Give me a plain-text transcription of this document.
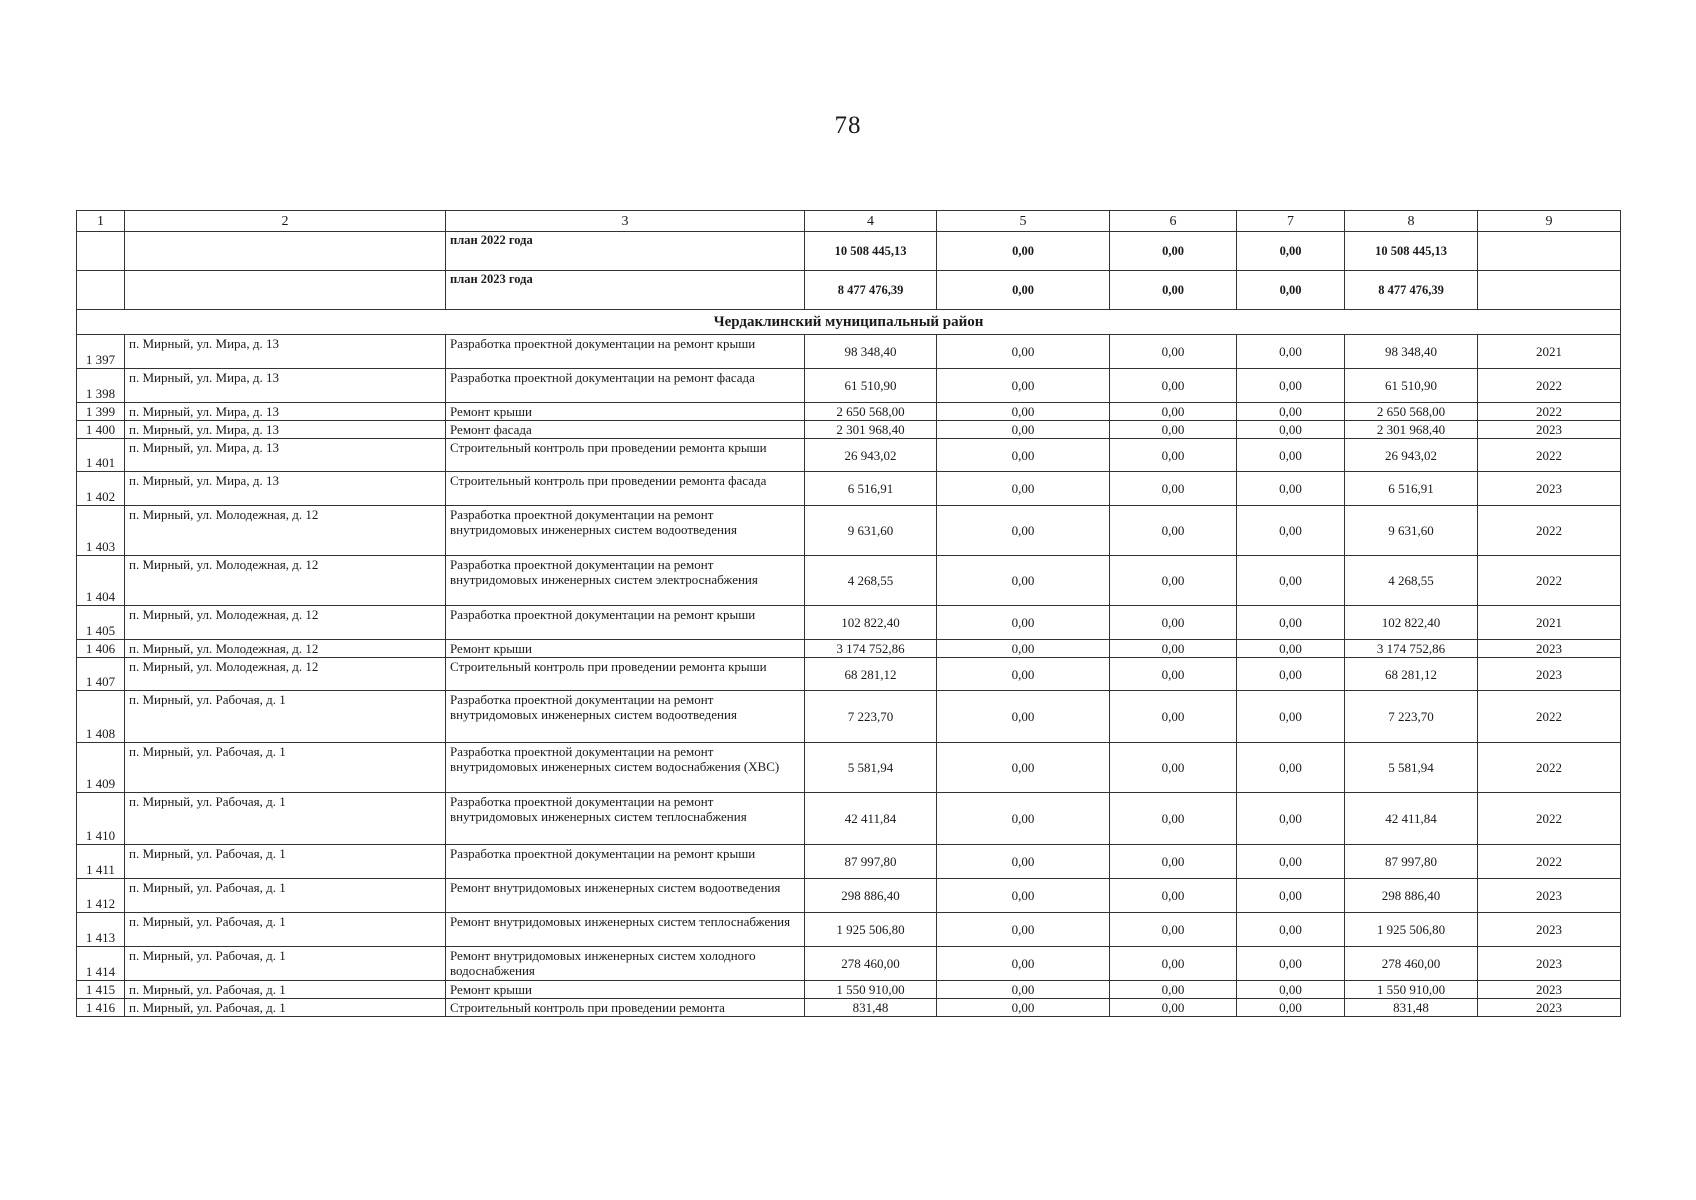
78
1	2	3	4	5	6	7	8	9
		план 2022 года	10 508 445,13	0,00	0,00	0,00	10 508 445,13	
		план 2023 года	8 477 476,39	0,00	0,00	0,00	8 477 476,39	
Чердаклинский муниципальный район								
1 397	п. Мирный, ул. Мира, д. 13	Разработка проектной документации на ремонт крыши	98 348,40	0,00	0,00	0,00	98 348,40	2021
1 398	п. Мирный, ул. Мира, д. 13	Разработка проектной документации на ремонт фасада	61 510,90	0,00	0,00	0,00	61 510,90	2022
1 399	п. Мирный, ул. Мира, д. 13	Ремонт крыши	2 650 568,00	0,00	0,00	0,00	2 650 568,00	2022
1 400	п. Мирный, ул. Мира, д. 13	Ремонт фасада	2 301 968,40	0,00	0,00	0,00	2 301 968,40	2023
1 401	п. Мирный, ул. Мира, д. 13	Строительный контроль при проведении ремонта крыши	26 943,02	0,00	0,00	0,00	26 943,02	2022
1 402	п. Мирный, ул. Мира, д. 13	Строительный контроль при проведении ремонта фасада	6 516,91	0,00	0,00	0,00	6 516,91	2023
1 403	п. Мирный, ул. Молодежная, д. 12	Разработка проектной документации на ремонт внутридомовых инженерных систем водоотведения	9 631,60	0,00	0,00	0,00	9 631,60	2022
1 404	п. Мирный, ул. Молодежная, д. 12	Разработка проектной документации на ремонт внутридомовых инженерных систем электроснабжения	4 268,55	0,00	0,00	0,00	4 268,55	2022
1 405	п. Мирный, ул. Молодежная, д. 12	Разработка проектной документации на ремонт крыши	102 822,40	0,00	0,00	0,00	102 822,40	2021
1 406	п. Мирный, ул. Молодежная, д. 12	Ремонт крыши	3 174 752,86	0,00	0,00	0,00	3 174 752,86	2023
1 407	п. Мирный, ул. Молодежная, д. 12	Строительный контроль при проведении ремонта крыши	68 281,12	0,00	0,00	0,00	68 281,12	2023
1 408	п. Мирный, ул. Рабочая, д. 1	Разработка проектной документации на ремонт внутридомовых инженерных систем водоотведения	7 223,70	0,00	0,00	0,00	7 223,70	2022
1 409	п. Мирный, ул. Рабочая, д. 1	Разработка проектной документации на ремонт внутридомовых инженерных систем водоснабжения (ХВС)	5 581,94	0,00	0,00	0,00	5 581,94	2022
1 410	п. Мирный, ул. Рабочая, д. 1	Разработка проектной документации на ремонт внутридомовых инженерных систем теплоснабжения	42 411,84	0,00	0,00	0,00	42 411,84	2022
1 411	п. Мирный, ул. Рабочая, д. 1	Разработка проектной документации на ремонт крыши	87 997,80	0,00	0,00	0,00	87 997,80	2022
1 412	п. Мирный, ул. Рабочая, д. 1	Ремонт внутридомовых инженерных систем водоотведения	298 886,40	0,00	0,00	0,00	298 886,40	2023
1 413	п. Мирный, ул. Рабочая, д. 1	Ремонт внутридомовых инженерных систем теплоснабжения	1 925 506,80	0,00	0,00	0,00	1 925 506,80	2023
1 414	п. Мирный, ул. Рабочая, д. 1	Ремонт внутридомовых инженерных систем холодного водоснабжения	278 460,00	0,00	0,00	0,00	278 460,00	2023
1 415	п. Мирный, ул. Рабочая, д. 1	Ремонт крыши	1 550 910,00	0,00	0,00	0,00	1 550 910,00	2023
1 416	п. Мирный, ул. Рабочая, д. 1	Строительный контроль при проведении ремонта	831,48	0,00	0,00	0,00	831,48	2023
